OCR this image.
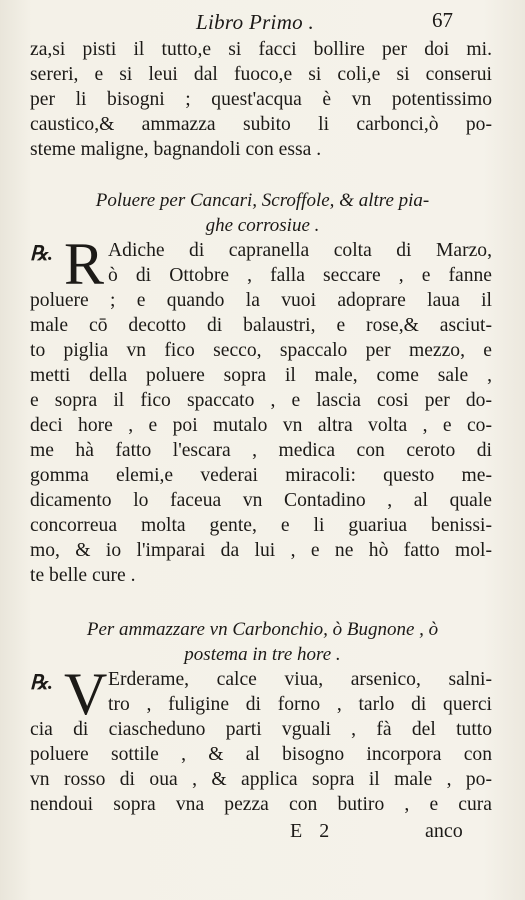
Libro Primo .	67
za,si pisti il tutto,e si facci bollire per doi mi.
sereri, e si leui dal fuoco,e si coli,e si conserui
per li bisogni ; quest'acqua è vn potentissimo
caustico,& ammazza subito li carbonci,ò po-
steme maligne, bagnandoli con essa .
Poluere per Cancari, Scroffole, & altre pia-
ghe corrosiue .
℞. R Adiche di capranella colta di Marzo,
ò di Ottobre , falla seccare , e fanne
poluere ; e quando la vuoi adoprare laua il
male cō decotto di balaustri, e rose,& asciut-
to piglia vn fico secco, spaccalo per mezzo, e
metti della poluere sopra il male, come sale ,
e sopra il fico spaccato , e lascia cosi per do-
deci hore , e poi mutalo vn altra volta , e co-
me hà fatto l'escara , medica con ceroto di
gomma elemi,e vederai miracoli: questo me-
dicamento lo faceua vn Contadino , al quale
concorreua molta gente, e li guariua benissi-
mo, & io l'imparai da lui , e ne hò fatto mol-
te belle cure .
Per ammazzare vn Carbonchio, ò Bugnone , ò
postema in tre hore .
℞. V Erderame, calce viua, arsenico, salni-
tro , fuligine di forno , tarlo di querci
cia di ciascheduno parti vguali , fà del tutto
poluere sottile , & al bisogno incorpora con
vn rosso di oua , & applica sopra il male , po-
nendoui sopra vna pezza con butiro , e cura
E 2	anco
